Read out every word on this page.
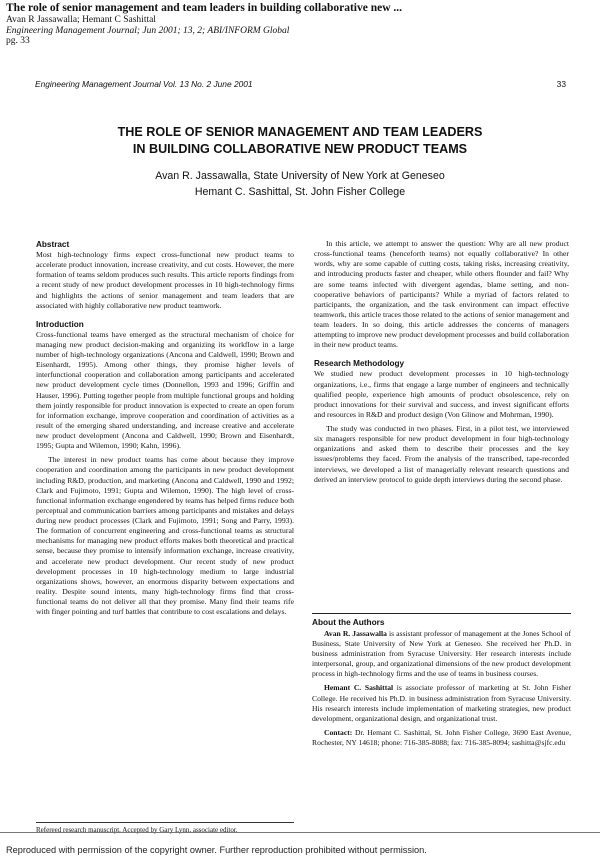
The role of senior management and team leaders in building collaborative new ...
Avan R Jassawalla; Hemant C Sashittal
Engineering Management Journal; Jun 2001; 13, 2; ABI/INFORM Global
pg. 33
Engineering Management Journal Vol. 13 No. 2 June 2001	33
THE ROLE OF SENIOR MANAGEMENT AND TEAM LEADERS
IN BUILDING COLLABORATIVE NEW PRODUCT TEAMS
Avan R. Jassawalla, State University of New York at Geneseo
Hemant C. Sashittal, St. John Fisher College
Abstract

Most high-technology firms expect cross-functional new product teams to accelerate product innovation, increase creativity, and cut costs. However, the mere formation of teams seldom produces such results. This article reports findings from a recent study of new product development processes in 10 high-technology firms and highlights the actions of senior management and team leaders that are associated with highly collaborative new product teamwork.

Introduction

Cross-functional teams have emerged as the structural mechanism of choice for managing new product decision-making and organizing its workflow in a large number of high-technology organizations (Ancona and Caldwell, 1990; Brown and Eisenhardt, 1995). Among other things, they promise higher levels of interfunctional cooperation and collaboration among participants and accelerated new product development cycle times (Donnellon, 1993 and 1996; Griffin and Hauser, 1996). Putting together people from multiple functional groups and holding them jointly responsible for product innovation is expected to create an open forum for information exchange, improve cooperation and coordination of activities as a result of the emerging shared understanding, and increase creative and accelerate new product development (Ancona and Caldwell, 1990; Brown and Eisenhardt, 1995; Gupta and Wilemon, 1990; Kahn, 1996).

The interest in new product teams has come about because they improve cooperation and coordination among the participants in new product development including R&D, production, and marketing (Ancona and Caldwell, 1990 and 1992; Clark and Fujimoto, 1991; Gupta and Wilemon, 1990). The high level of cross-functional information exchange engendered by teams has helped firms reduce both perceptual and communication barriers among participants and mistakes and delays during new product processes (Clark and Fujimoto, 1991; Song and Parry, 1993). The formation of concurrent engineering and cross-functional teams as structural mechanisms for managing new product efforts makes both theoretical and practical sense, because they promise to intensify information exchange, increase creativity, and accelerate new product development. Our recent study of new product development processes in 10 high-technology medium to large industrial organizations shows, however, an enormous disparity between expectations and reality. Despite sound intents, many high-technology firms find that cross-functional teams do not deliver all that they promise. Many find their teams rife with finger pointing and turf battles that contribute to cost escalations and delays.

In this article, we attempt to answer the question: Why are all new product cross-functional teams (henceforth teams) not equally collaborative? In other words, why are some capable of cutting costs, taking risks, increasing creativity, and introducing products faster and cheaper, while others flounder and fail? Why are some teams infected with divergent agendas, blame setting, and non-cooperative behaviors of participants? While a myriad of factors related to participants, the organization, and the task environment can impact effective teamwork, this article traces those related to the actions of senior management and team leaders. In so doing, this article addresses the concerns of managers attempting to improve new product development processes and build collaboration in their new product teams.

Research Methodology

We studied new product development processes in 10 high-technology organizations, i.e., firms that engage a large number of engineers and technically qualified people, experience high amounts of product obsolescence, rely on product innovations for their survival and success, and invest significant efforts and resources in R&D and product design (Von Glinow and Mohrman, 1990).

The study was conducted in two phases. First, in a pilot test, we interviewed six managers responsible for new product development in four high-technology organizations and asked them to describe their processes and the key issues/problems they faced. From the analysis of the transcribed, tape-recorded interviews, we developed a list of managerially relevant research questions and derived an interview protocol to guide depth interviews during the second phase.

About the Authors

Avan R. Jassawalla is assistant professor of management at the Jones School of Business, State University of New York at Geneseo. She received her Ph.D. in business administration from Syracuse University. Her research interests include interpersonal, group, and organizational dimensions of the new product development process in high-technology firms and the use of teams in business courses.

Hemant C. Sashittal is associate professor of marketing at St. John Fisher College. He received his Ph.D. in business administration from Syracuse University. His research interests include implementation of marketing strategies, new product development, organizational design, and organizational trust.

Contact: Dr. Hemant C. Sashittal, St. John Fisher College, 3690 East Avenue, Rochester, NY 14618; phone: 716-385-8088; fax: 716-385-8094; sashitta@sjfc.edu

Refereed research manuscript. Accepted by Gary Lynn, associate editor.
Reproduced with permission of the copyright owner. Further reproduction prohibited without permission.
